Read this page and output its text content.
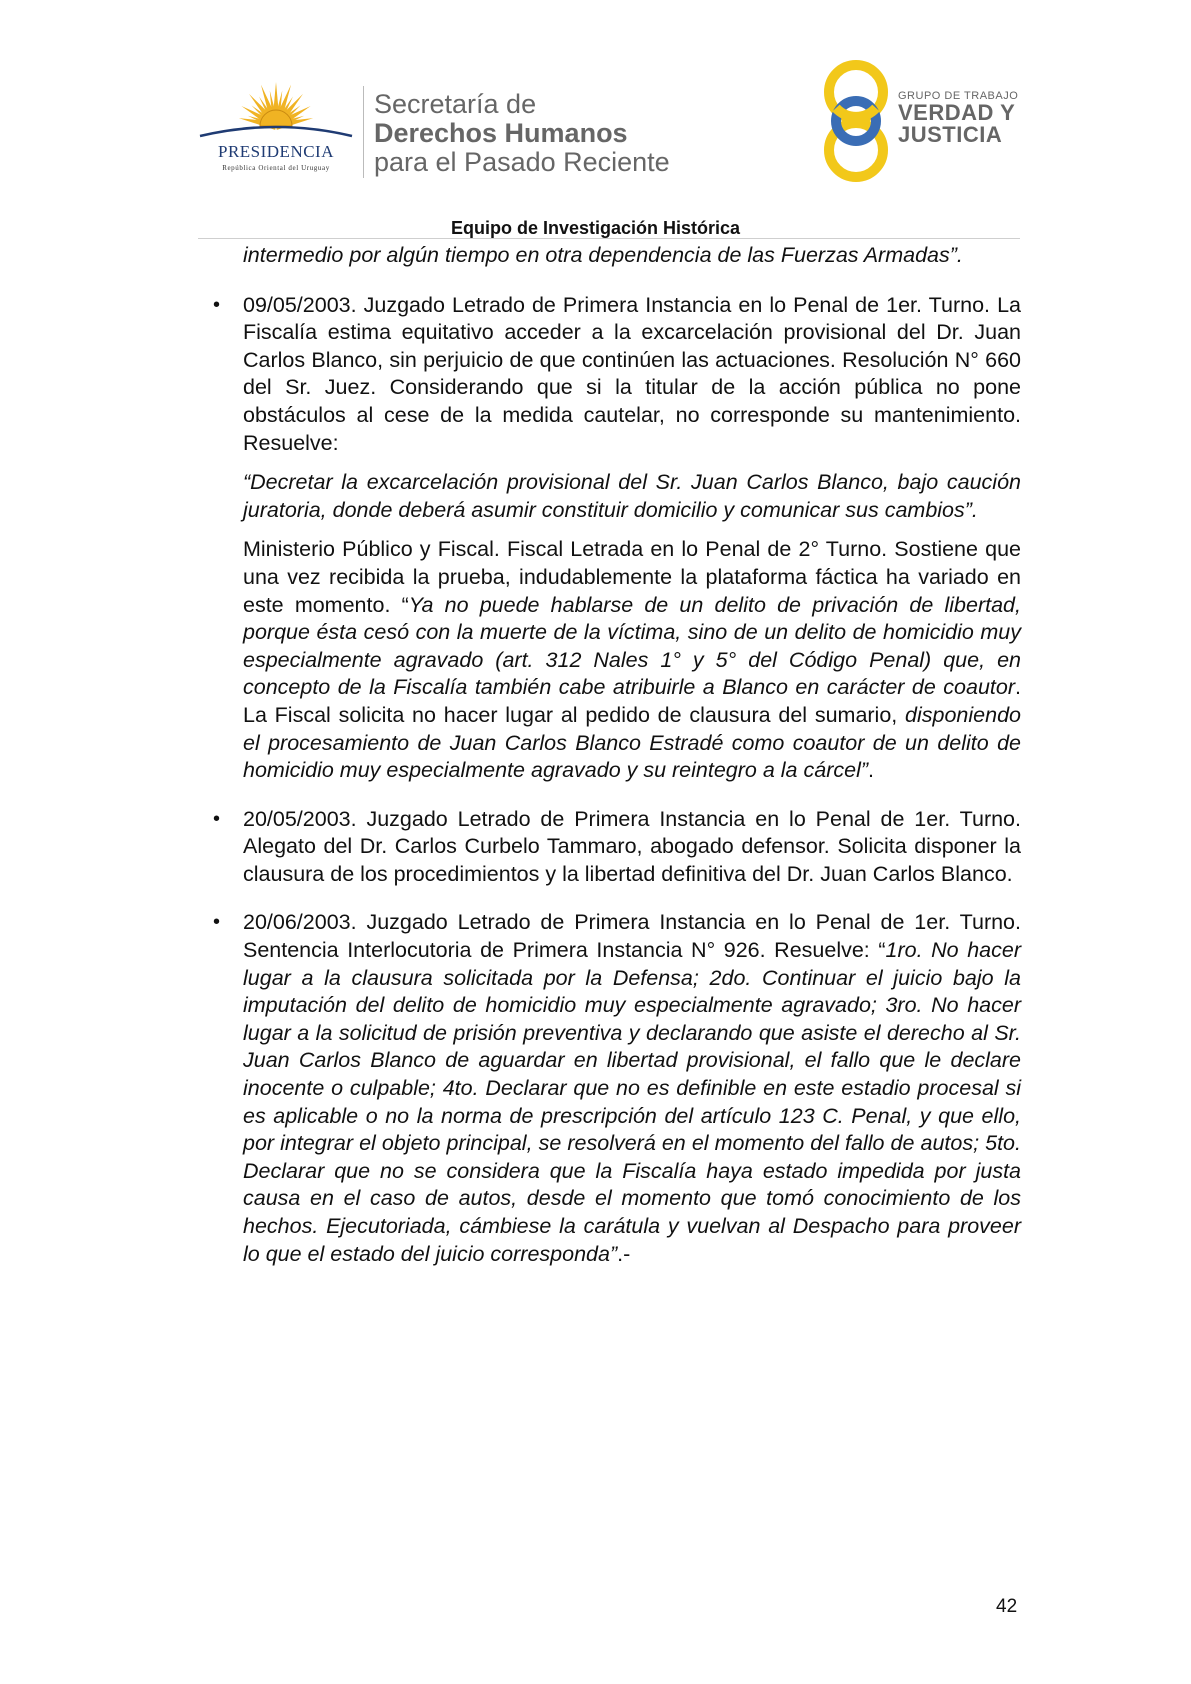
PRESIDENCIA
República Oriental del Uruguay
Secretaría de
Derechos Humanos
para el Pasado Reciente
GRUPO DE TRABAJO
VERDAD Y
JUSTICIA
Equipo de Investigación Histórica

intermedio por algún tiempo en otra dependencia de las Fuerzas Armadas”.

• 09/05/2003. Juzgado Letrado de Primera Instancia en lo Penal de 1er. Turno. La Fiscalía estima equitativo acceder a la excarcelación provisional del Dr. Juan Carlos Blanco, sin perjuicio de que continúen las actuaciones. Resolución N° 660 del Sr. Juez. Considerando que si la titular de la acción pública no pone obstáculos al cese de la medida cautelar, no corresponde su mantenimiento. Resuelve:

“Decretar la excarcelación provisional del Sr. Juan Carlos Blanco, bajo caución juratoria, donde deberá asumir constituir domicilio y comunicar sus cambios”.

Ministerio Público y Fiscal. Fiscal Letrada en lo Penal de 2° Turno. Sostiene que una vez recibida la prueba, indudablemente la plataforma fáctica ha variado en este momento. “Ya no puede hablarse de un delito de privación de libertad, porque ésta cesó con la muerte de la víctima, sino de un delito de homicidio muy especialmente agravado (art. 312 Nales 1° y 5° del Código Penal) que, en concepto de la Fiscalía también cabe atribuirle a Blanco en carácter de coautor. La Fiscal solicita no hacer lugar al pedido de clausura del sumario, disponiendo el procesamiento de Juan Carlos Blanco Estradé como coautor de un delito de homicidio muy especialmente agravado y su reintegro a la cárcel”.

• 20/05/2003. Juzgado Letrado de Primera Instancia en lo Penal de 1er. Turno. Alegato del Dr. Carlos Curbelo Tammaro, abogado defensor. Solicita disponer la clausura de los procedimientos y la libertad definitiva del Dr. Juan Carlos Blanco.

• 20/06/2003. Juzgado Letrado de Primera Instancia en lo Penal de 1er. Turno. Sentencia Interlocutoria de Primera Instancia N° 926. Resuelve: “1ro. No hacer lugar a la clausura solicitada por la Defensa; 2do. Continuar el juicio bajo la imputación del delito de homicidio muy especialmente agravado; 3ro. No hacer lugar a la solicitud de prisión preventiva y declarando que asiste el derecho al Sr. Juan Carlos Blanco de aguardar en libertad provisional, el fallo que le declare inocente o culpable; 4to. Declarar que no es definible en este estadio procesal si es aplicable o no la norma de prescripción del artículo 123 C. Penal, y que ello, por integrar el objeto principal, se resolverá en el momento del fallo de autos; 5to. Declarar que no se considera que la Fiscalía haya estado impedida por justa causa en el caso de autos, desde el momento que tomó conocimiento de los hechos. Ejecutoriada, cámbiese la carátula y vuelvan al Despacho para proveer lo que el estado del juicio corresponda”.-

42
